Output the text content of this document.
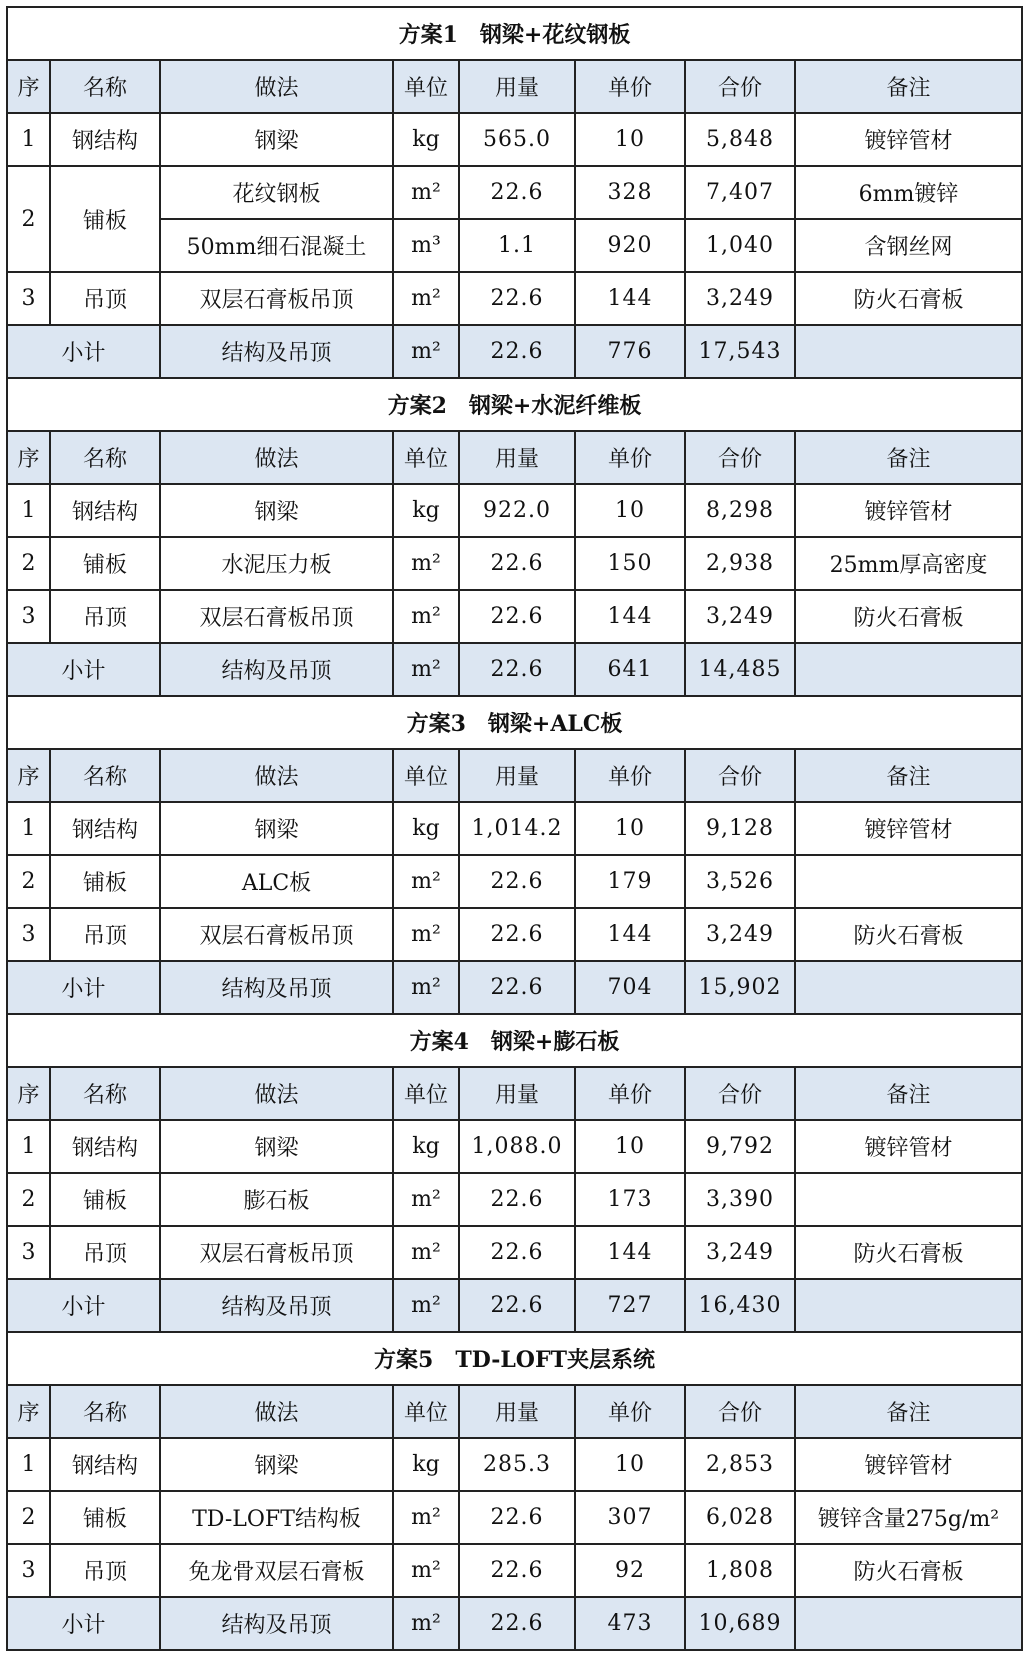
方案1　钢梁+花纹钢板							
序	名称	做法	单位	用量	单价	合价	备注
1	钢结构	钢梁	kg	565.0	10	5,848	镀锌管材
2	铺板	花纹钢板	m²	22.6	328	7,407	6mm镀锌
		50mm细石混凝土	m³	1.1	920	1,040	含钢丝网
3	吊顶	双层石膏板吊顶	m²	22.6	144	3,249	防火石膏板
小计		结构及吊顶	m²	22.6	776	17,543	
方案2　钢梁+水泥纤维板							
序	名称	做法	单位	用量	单价	合价	备注
1	钢结构	钢梁	kg	922.0	10	8,298	镀锌管材
2	铺板	水泥压力板	m²	22.6	150	2,938	25mm厚高密度
3	吊顶	双层石膏板吊顶	m²	22.6	144	3,249	防火石膏板
小计		结构及吊顶	m²	22.6	641	14,485	
方案3　钢梁+ALC板							
序	名称	做法	单位	用量	单价	合价	备注
1	钢结构	钢梁	kg	1,014.2	10	9,128	镀锌管材
2	铺板	ALC板	m²	22.6	179	3,526	
3	吊顶	双层石膏板吊顶	m²	22.6	144	3,249	防火石膏板
小计		结构及吊顶	m²	22.6	704	15,902	
方案4　钢梁+膨石板							
序	名称	做法	单位	用量	单价	合价	备注
1	钢结构	钢梁	kg	1,088.0	10	9,792	镀锌管材
2	铺板	膨石板	m²	22.6	173	3,390	
3	吊顶	双层石膏板吊顶	m²	22.6	144	3,249	防火石膏板
小计		结构及吊顶	m²	22.6	727	16,430	
方案5　TD-LOFT夹层系统							
序	名称	做法	单位	用量	单价	合价	备注
1	钢结构	钢梁	kg	285.3	10	2,853	镀锌管材
2	铺板	TD-LOFT结构板	m²	22.6	307	6,028	镀锌含量275g/m²
3	吊顶	免龙骨双层石膏板	m²	22.6	92	1,808	防火石膏板
小计		结构及吊顶	m²	22.6	473	10,689	
